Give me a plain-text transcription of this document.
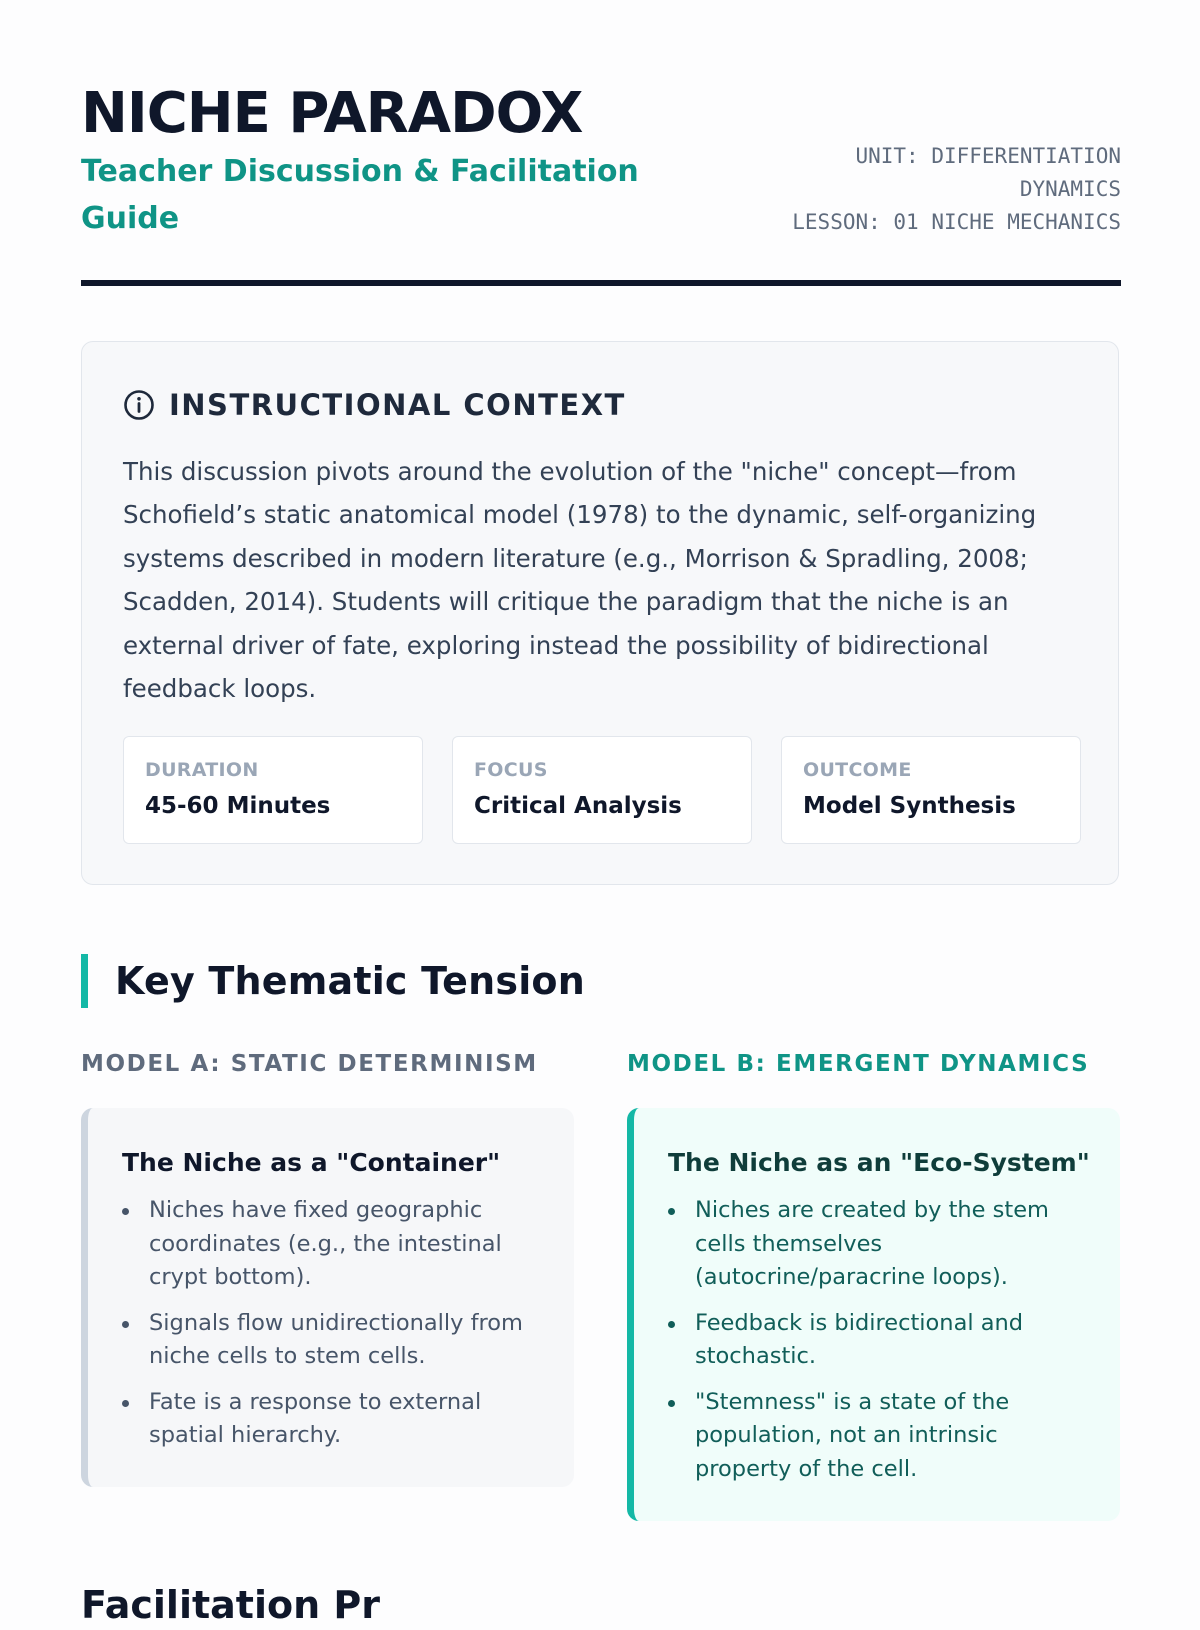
NICHE PARADOX
Teacher Discussion & Facilitation Guide
UNIT: DIFFERENTIATION
DYNAMICS
LESSON: 01 NICHE MECHANICS
INSTRUCTIONAL CONTEXT

This discussion pivots around the evolution of the "niche" concept—from Schofield’s static anatomical model (1978) to the dynamic, self-organizing systems described in modern literature (e.g., Morrison & Spradling, 2008; Scadden, 2014). Students will critique the paradigm that the niche is an external driver of fate, exploring instead the possibility of bidirectional feedback loops.

DURATION
45-60 Minutes
FOCUS
Critical Analysis
OUTCOME
Model Synthesis
Key Thematic Tension
MODEL A: STATIC DETERMINISM	MODEL B: EMERGENT DYNAMICS
The Niche as a "Container"
Niches have fixed geographic coordinates (e.g., the intestinal crypt bottom).
Signals flow unidirectionally from niche cells to stem cells.
Fate is a response to external spatial hierarchy.
The Niche as an "Eco-System"
Niches are created by the stem cells themselves (autocrine/paracrine loops).
Feedback is bidirectional and stochastic.
"Stemness" is a state of the population, not an intrinsic property of the cell.
Facilitation Pr
